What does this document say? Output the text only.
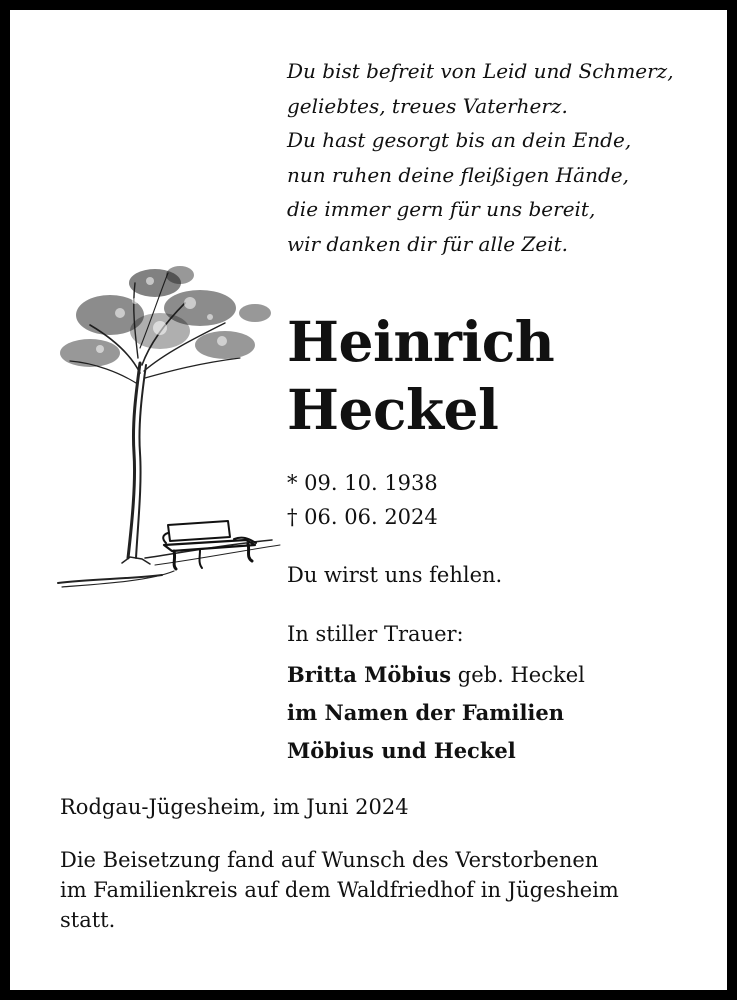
Du bist befreit von Leid und Schmerz,
geliebtes, treues Vaterherz.
Du hast gesorgt bis an dein Ende,
nun ruhen deine fleißigen Hände,
die immer gern für uns bereit,
wir danken dir für alle Zeit.
Heinrich
Heckel
* 09. 10. 1938
† 06. 06. 2024
Du wirst uns fehlen.
In stiller Trauer:
Britta Möbius geb. Heckel
im Namen der Familien
Möbius und Heckel
Rodgau-Jügesheim, im Juni 2024
Die Beisetzung fand auf Wunsch des Verstorbenen
im Familienkreis auf dem Waldfriedhof in Jügesheim
statt.
